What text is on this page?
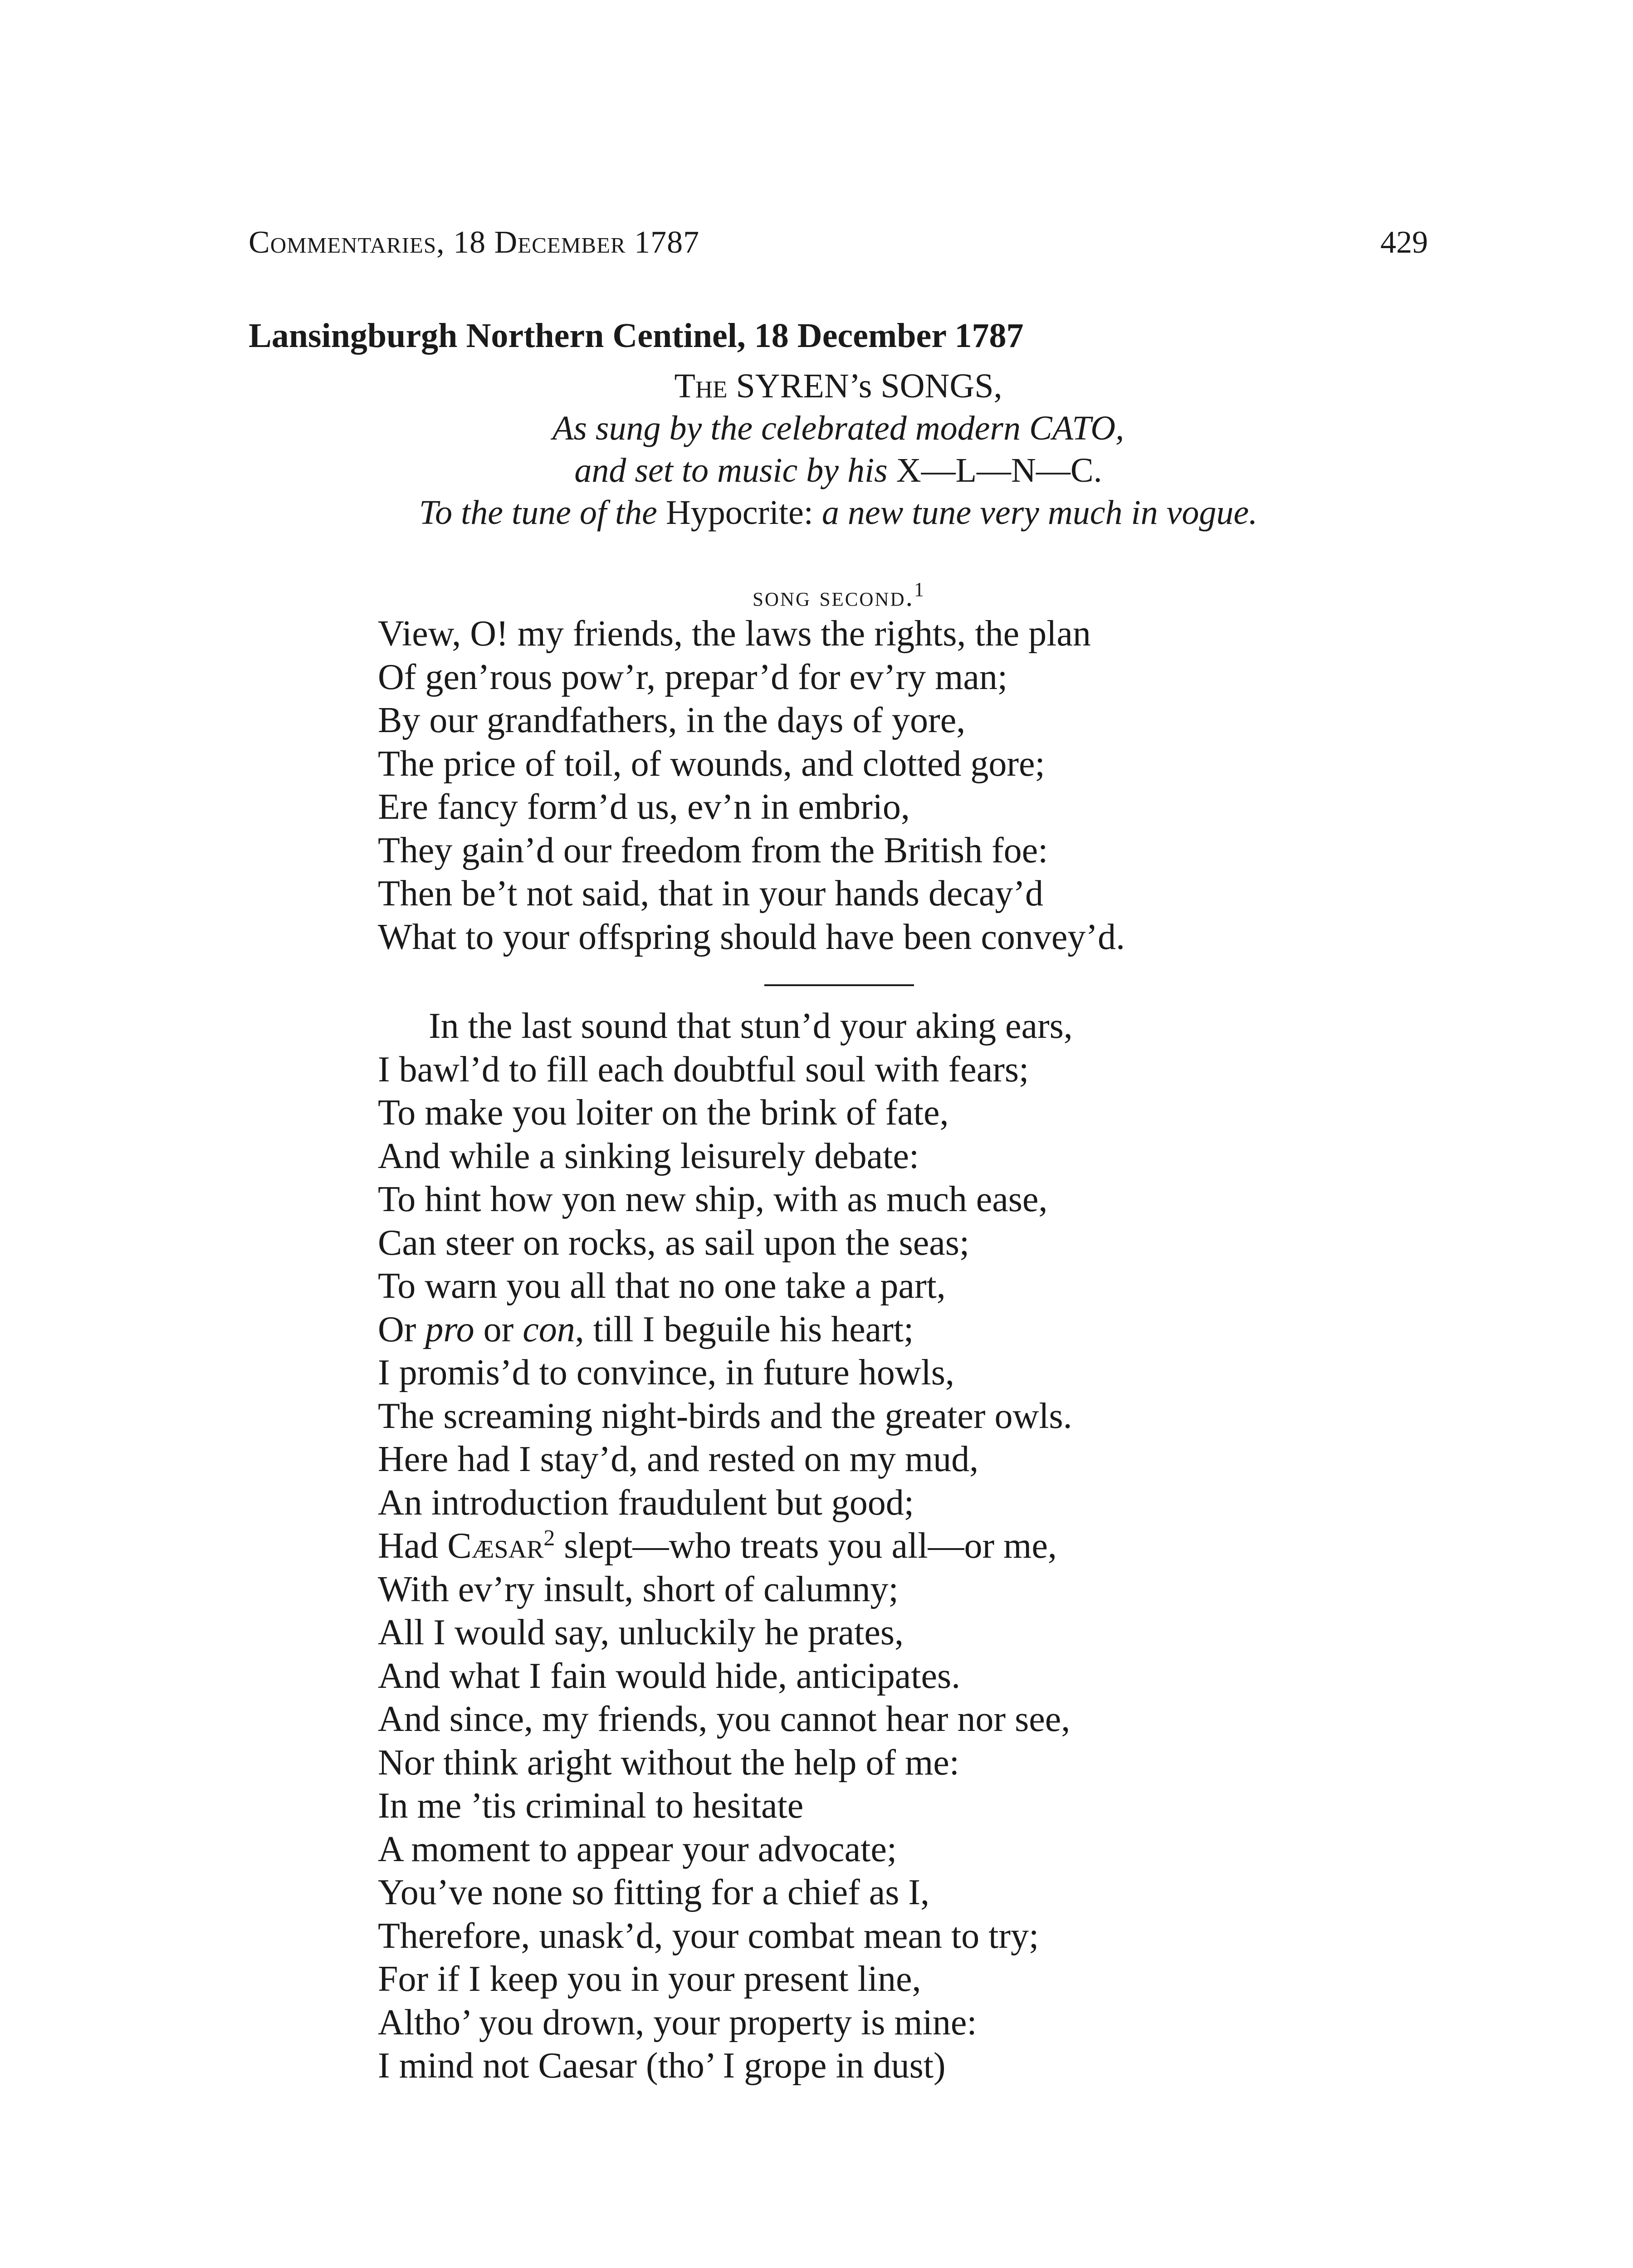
Commentaries, 18 December 1787	429
Lansingburgh Northern Centinel, 18 December 1787
The SYREN’s SONGS,
As sung by the celebrated modern CATO,
and set to music by his X—L—N—C.
To the tune of the Hypocrite: a new tune very much in vogue.
song second.$^1$
View, O! my friends, the laws the rights, the plan
Of gen’rous pow’r, prepar’d for ev’ry man;
By our grandfathers, in the days of yore,
The price of toil, of wounds, and clotted gore;
Ere fancy form’d us, ev’n in embrio,
They gain’d our freedom from the British foe:
Then be’t not said, that in your hands decay’d
What to your offspring should have been convey’d.
In the last sound that stun’d your aking ears,
I bawl’d to fill each doubtful soul with fears;
To make you loiter on the brink of fate,
And while a sinking leisurely debate:
To hint how yon new ship, with as much ease,
Can steer on rocks, as sail upon the seas;
To warn you all that no one take a part,
Or pro or con, till I beguile his heart;
I promis’d to convince, in future howls,
The screaming night-birds and the greater owls.
Here had I stay’d, and rested on my mud,
An introduction fraudulent but good;
Had Cæsar$^2$ slept—who treats you all—or me,
With ev’ry insult, short of calumny;
All I would say, unluckily he prates,
And what I fain would hide, anticipates.
And since, my friends, you cannot hear nor see,
Nor think aright without the help of me:
In me ’tis criminal to hesitate
A moment to appear your advocate;
You’ve none so fitting for a chief as I,
Therefore, unask’d, your combat mean to try;
For if I keep you in your present line,
Altho’ you drown, your property is mine:
I mind not Caesar (tho’ I grope in dust)
